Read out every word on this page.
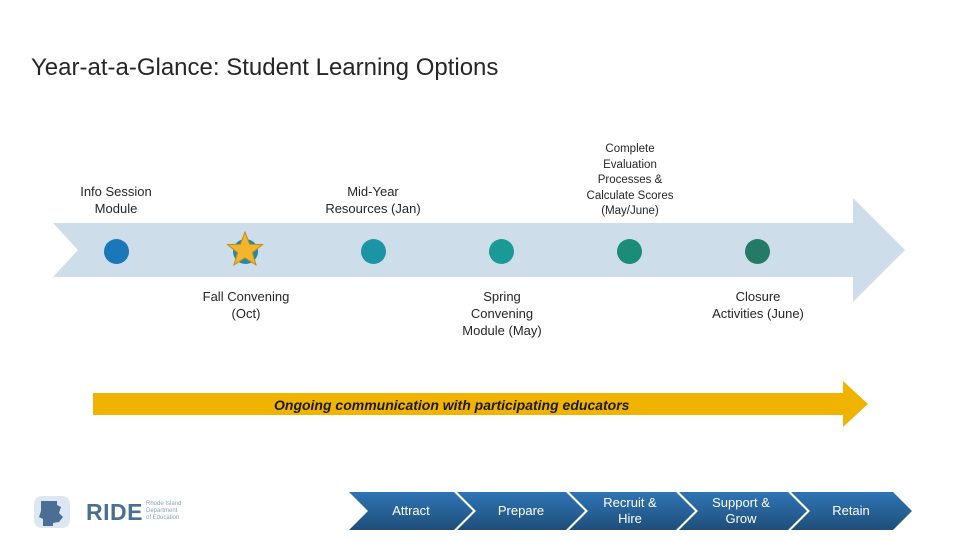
Year-at-a-Glance: Student Learning Options
Info Session
Module
Mid-Year
Resources (Jan)
Complete
Evaluation
Processes &
Calculate Scores
(May/June)
Fall Convening
(Oct)
Spring
Convening
Module (May)
Closure
Activities (June)
Ongoing communication with participating educators
RIDE Rhode Island
Department
of Education	Attract	Prepare
Recruit &
Hire
Support &
Grow
Retain
